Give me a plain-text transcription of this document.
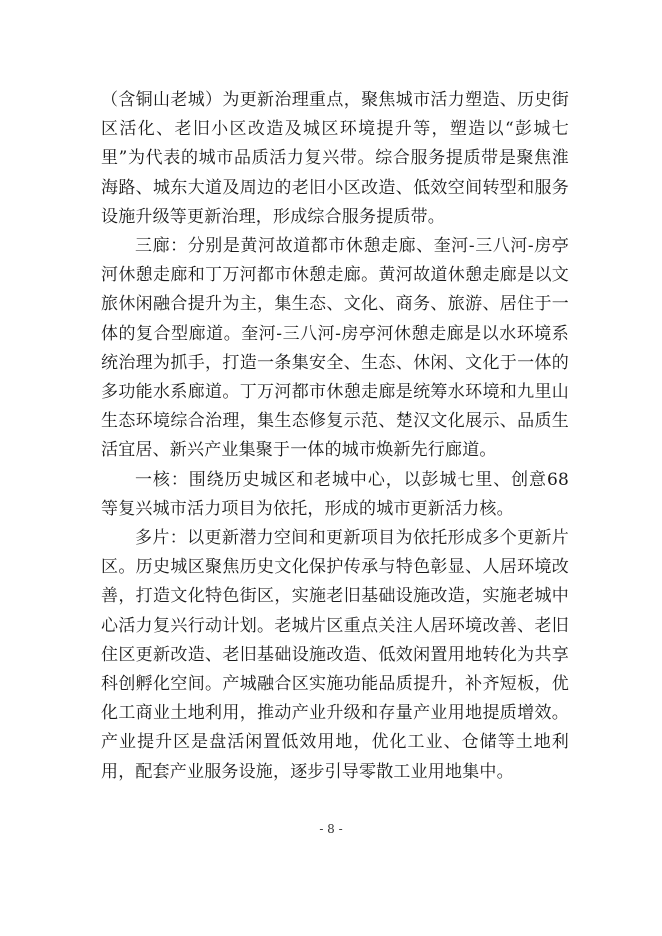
（含铜山老城）为更新治理重点，聚焦城市活力塑造、历史街区活化、老旧小区改造及城区环境提升等，塑造以“彭城七里”为代表的城市品质活力复兴带。综合服务提质带是聚焦淮海路、城东大道及周边的老旧小区改造、低效空间转型和服务设施升级等更新治理，形成综合服务提质带。

三廊：分别是黄河故道都市休憩走廊、奎河-三八河-房亭河休憩走廊和丁万河都市休憩走廊。黄河故道休憩走廊是以文旅休闲融合提升为主，集生态、文化、商务、旅游、居住于一体的复合型廊道。奎河-三八河-房亭河休憩走廊是以水环境系统治理为抓手，打造一条集安全、生态、休闲、文化于一体的多功能水系廊道。丁万河都市休憩走廊是统筹水环境和九里山生态环境综合治理，集生态修复示范、楚汉文化展示、品质生活宜居、新兴产业集聚于一体的城市焕新先行廊道。

一核：围绕历史城区和老城中心，以彭城七里、创意68等复兴城市活力项目为依托，形成的城市更新活力核。

多片：以更新潜力空间和更新项目为依托形成多个更新片区。历史城区聚焦历史文化保护传承与特色彰显、人居环境改善，打造文化特色街区，实施老旧基础设施改造，实施老城中心活力复兴行动计划。老城片区重点关注人居环境改善、老旧住区更新改造、老旧基础设施改造、低效闲置用地转化为共享科创孵化空间。产城融合区实施功能品质提升，补齐短板，优化工商业土地利用，推动产业升级和存量产业用地提质增效。产业提升区是盘活闲置低效用地，优化工业、仓储等土地利用，配套产业服务设施，逐步引导零散工业用地集中。

- 8 -
